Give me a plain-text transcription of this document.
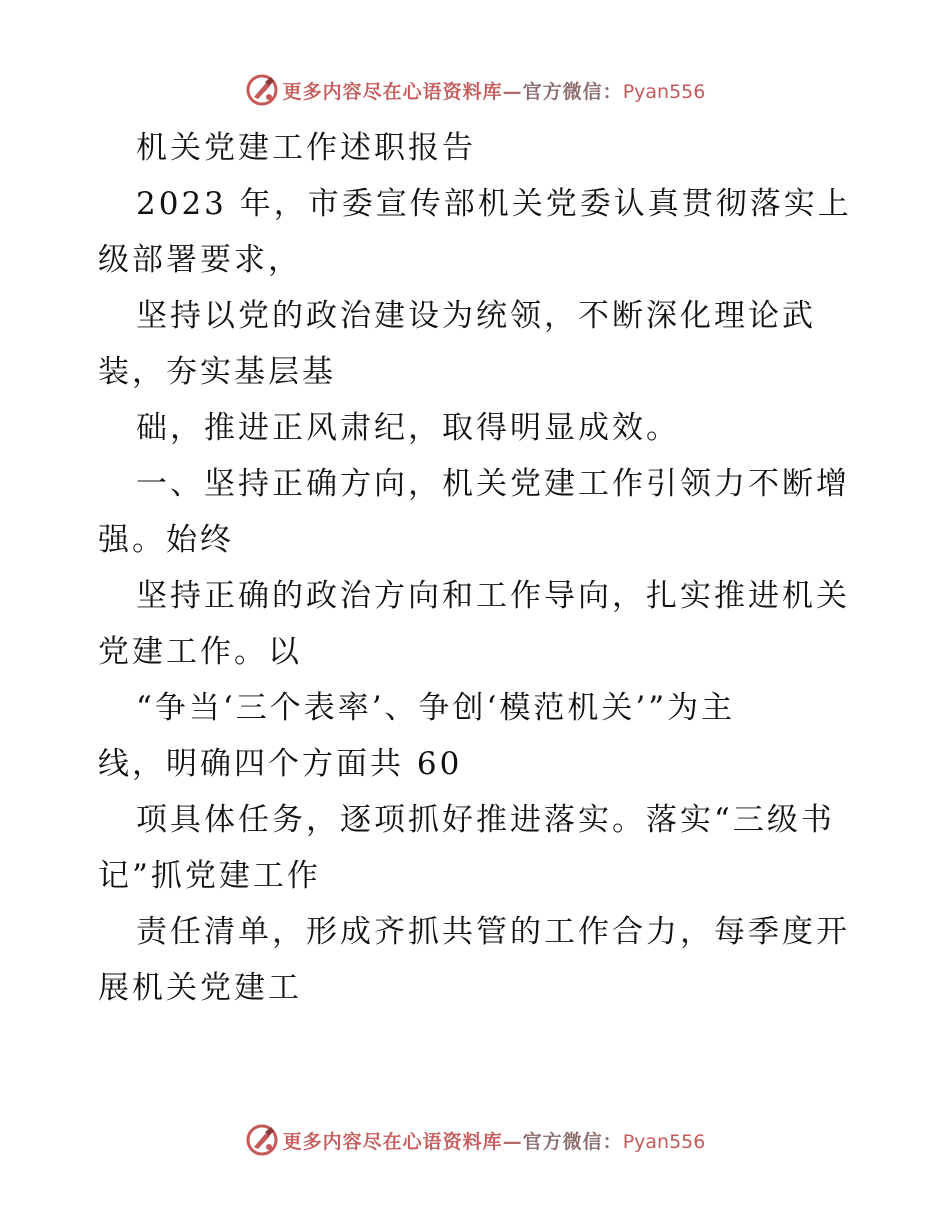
更多内容尽在心语资料库—官方微信：Pyan556
机关党建工作述职报告
2023 年，市委宣传部机关党委认真贯彻落实上
级部署要求，
坚持以党的政治建设为统领，不断深化理论武
装，夯实基层基
础，推进正风肃纪，取得明显成效。
一、坚持正确方向，机关党建工作引领力不断增
强。始终
坚持正确的政治方向和工作导向，扎实推进机关
党建工作。以
“争当‘三个表率’、争创‘模范机关’”为主
线，明确四个方面共 60
项具体任务，逐项抓好推进落实。落实“三级书
记”抓党建工作
责任清单，形成齐抓共管的工作合力，每季度开
展机关党建工
更多内容尽在心语资料库—官方微信：Pyan556
